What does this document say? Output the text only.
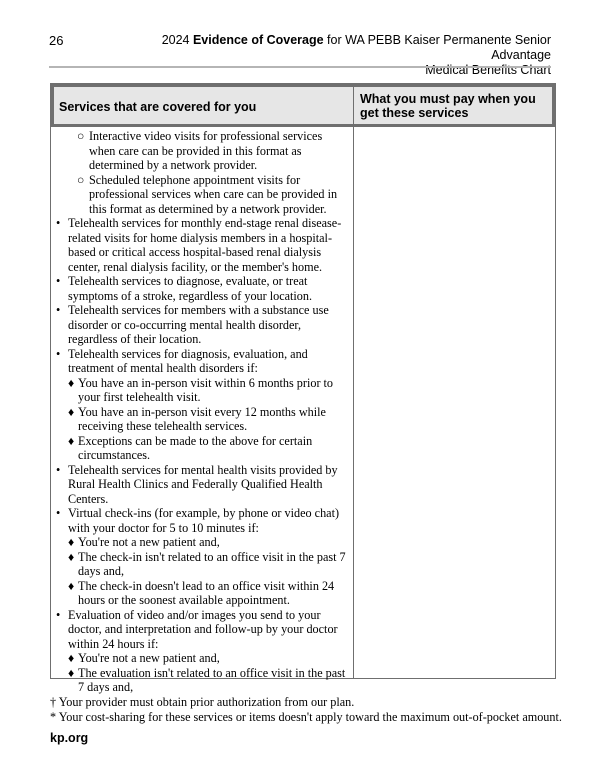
26	2024 Evidence of Coverage for WA PEBB Kaiser Permanente Senior Advantage
Medical Benefits Chart
Services that are covered for you
What you must pay when you get these services
○ Interactive video visits for professional services when care can be provided in this format as determined by a network provider.
○ Scheduled telephone appointment visits for professional services when care can be provided in this format as determined by a network provider.
• Telehealth services for monthly end-stage renal disease-related visits for home dialysis members in a hospital-based or critical access hospital-based renal dialysis center, renal dialysis facility, or the member's home.
• Telehealth services to diagnose, evaluate, or treat symptoms of a stroke, regardless of your location.
• Telehealth services for members with a substance use disorder or co-occurring mental health disorder, regardless of their location.
• Telehealth services for diagnosis, evaluation, and treatment of mental health disorders if:
♦ You have an in-person visit within 6 months prior to your first telehealth visit.
♦ You have an in-person visit every 12 months while receiving these telehealth services.
♦ Exceptions can be made to the above for certain circumstances.
• Telehealth services for mental health visits provided by Rural Health Clinics and Federally Qualified Health Centers.
• Virtual check-ins (for example, by phone or video chat) with your doctor for 5 to 10 minutes if:
♦ You're not a new patient and,
♦ The check-in isn't related to an office visit in the past 7 days and,
♦ The check-in doesn't lead to an office visit within 24 hours or the soonest available appointment.
• Evaluation of video and/or images you send to your doctor, and interpretation and follow-up by your doctor within 24 hours if:
♦ You're not a new patient and,
♦ The evaluation isn't related to an office visit in the past 7 days and,
† Your provider must obtain prior authorization from our plan.
* Your cost-sharing for these services or items doesn't apply toward the maximum out-of-pocket amount.
kp.org
